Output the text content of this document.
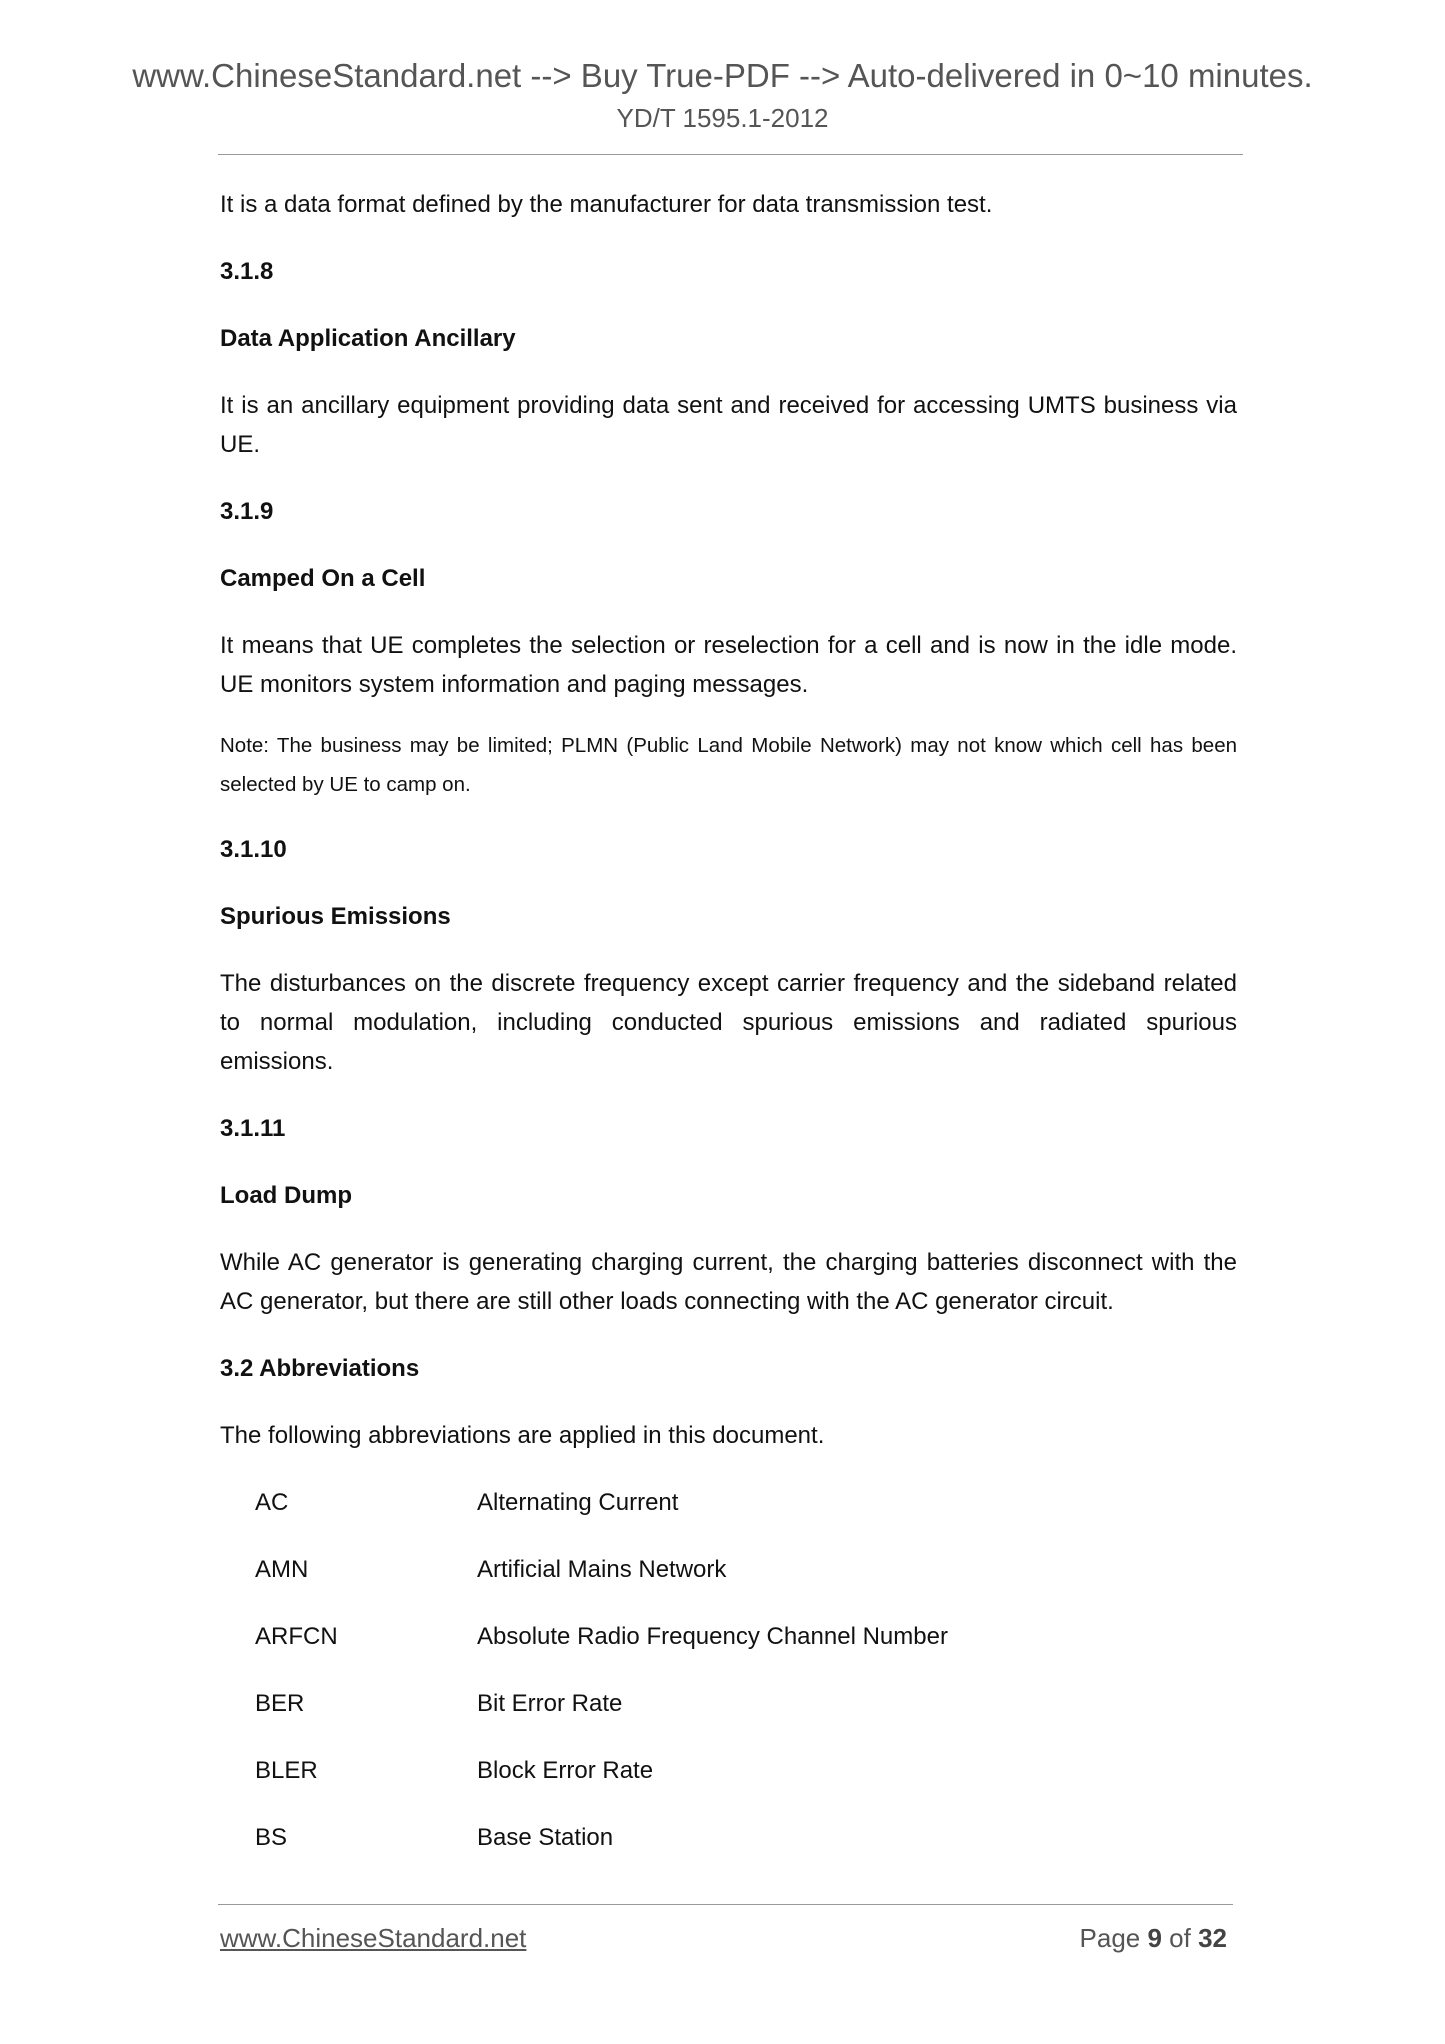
www.ChineseStandard.net --> Buy True-PDF --> Auto-delivered in 0~10 minutes.
YD/T 1595.1-2012

It is a data format defined by the manufacturer for data transmission test.

3.1.8

Data Application Ancillary

It is an ancillary equipment providing data sent and received for accessing UMTS business via UE.

3.1.9

Camped On a Cell

It means that UE completes the selection or reselection for a cell and is now in the idle mode. UE monitors system information and paging messages.

Note: The business may be limited; PLMN (Public Land Mobile Network) may not know which cell has been selected by UE to camp on.

3.1.10

Spurious Emissions

The disturbances on the discrete frequency except carrier frequency and the sideband related to normal modulation, including conducted spurious emissions and radiated spurious emissions.

3.1.11

Load Dump

While AC generator is generating charging current, the charging batteries disconnect with the AC generator, but there are still other loads connecting with the AC generator circuit.

3.2 Abbreviations

The following abbreviations are applied in this document.

AC	Alternating Current
AMN	Artificial Mains Network
ARFCN	Absolute Radio Frequency Channel Number
BER	Bit Error Rate
BLER	Block Error Rate
BS	Base Station
www.ChineseStandard.net	Page 9 of 32
